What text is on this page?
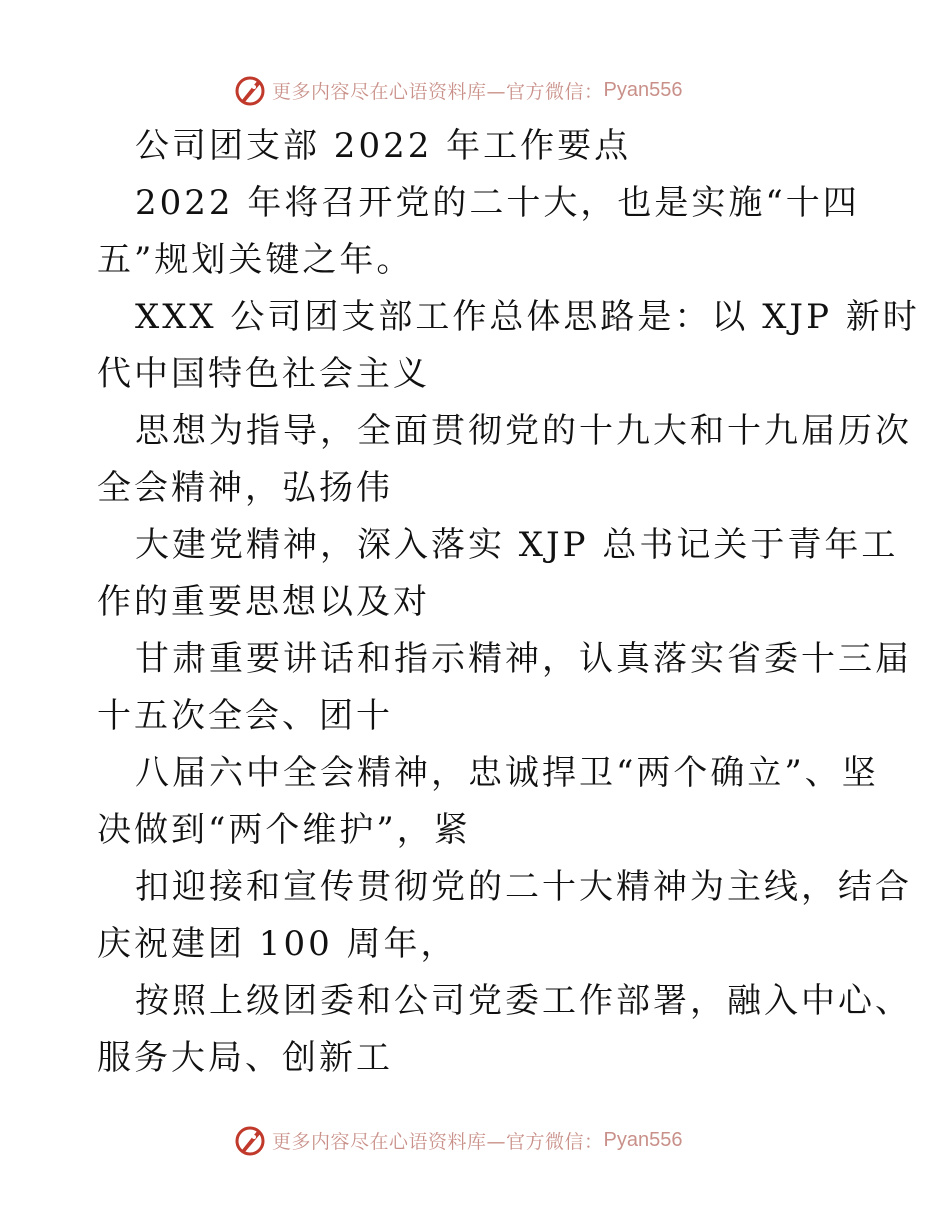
更多内容尽在心语资料库—官方微信： Pyan556
公司团支部 2022 年工作要点
2022 年将召开党的二十大，也是实施“十四
五”规划关键之年。
XXX 公司团支部工作总体思路是：以 XJP 新时
代中国特色社会主义
思想为指导，全面贯彻党的十九大和十九届历次
全会精神，弘扬伟
大建党精神，深入落实 XJP 总书记关于青年工
作的重要思想以及对
甘肃重要讲话和指示精神，认真落实省委十三届
十五次全会、团十
八届六中全会精神，忠诚捍卫“两个确立”、坚
决做到“两个维护”，紧
扣迎接和宣传贯彻党的二十大精神为主线，结合
庆祝建团 100 周年，
按照上级团委和公司党委工作部署，融入中心、
服务大局、创新工
更多内容尽在心语资料库—官方微信： Pyan556
